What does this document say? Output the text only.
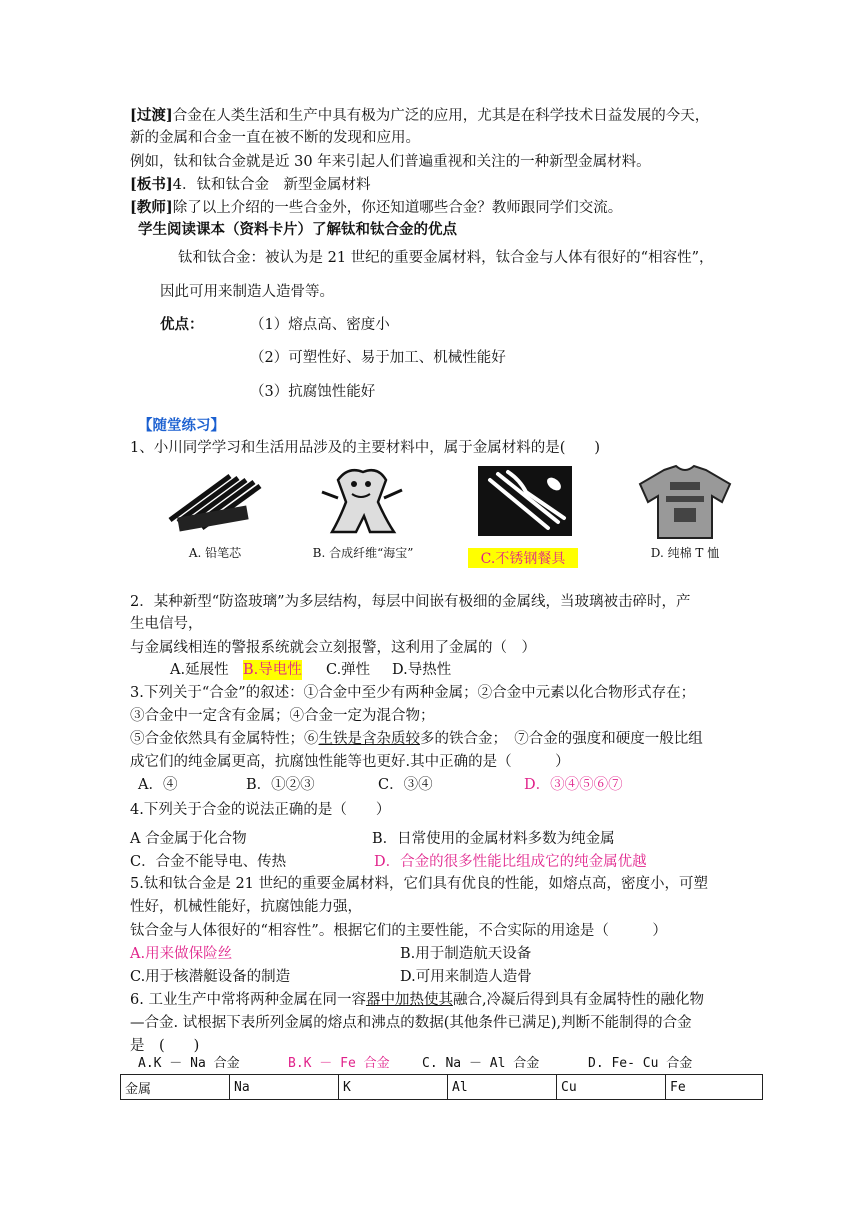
[过渡]合金在人类生活和生产中具有极为广泛的应用，尤其是在科学技术日益发展的今天，
新的金属和合金一直在被不断的发现和应用。
例如，钛和钛合金就是近 30 年来引起人们普遍重视和关注的一种新型金属材料。
[板书]4．钛和钛合金　新型金属材料
[教师]除了以上介绍的一些合金外，你还知道哪些合金？教师跟同学们交流。
学生阅读课本（资料卡片）了解钛和钛合金的优点
钛和钛合金：被认为是 21 世纪的重要金属材料，钛合金与人体有很好的“相容性”，
因此可用来制造人造骨等。
优点：	（1）熔点高、密度小
（2）可塑性好、易于加工、机械性能好
（3）抗腐蚀性能好
【随堂练习】
1、小川同学学习和生活用品涉及的主要材料中，属于金属材料的是(　　)
A. 铅笔芯	B. 合成纤维“海宝”	C.不锈钢餐具	D. 纯棉 T 恤
2．某种新型“防盗玻璃”为多层结构，每层中间嵌有极细的金属线，当玻璃被击碎时，产
生电信号，
与金属线相连的警报系统就会立刻报警，这利用了金属的（　）
A.延展性 B.导电性 C.弹性 D.导热性
3.下列关于“合金”的叙述：①合金中至少有两种金属；②合金中元素以化合物形式存在；
③合金中一定含有金属；④合金一定为混合物；
⑤合金依然具有金属特性；⑥生铁是含杂质较多的铁合金；　⑦合金的强度和硬度一般比组
成它们的纯金属更高，抗腐蚀性能等也更好.其中正确的是（　　　）
A．④	B．①②③	C．③④	D．③④⑤⑥⑦
4.下列关于合金的说法正确的是（　　）
A 合金属于化合物	B．日常使用的金属材料多数为纯金属
C．合金不能导电、传热	D．合金的很多性能比组成它的纯金属优越
5.钛和钛合金是 21 世纪的重要金属材料，它们具有优良的性能，如熔点高，密度小，可塑
性好，机械性能好，抗腐蚀能力强，
钛合金与人体很好的“相容性”。根据它们的主要性能，不合实际的用途是（　　　）
A.用来做保险丝	B.用于制造航天设备
C.用于核潜艇设备的制造	D.可用来制造人造骨
6. 工业生产中常将两种金属在同一容器中加热使其融合,冷凝后得到具有金属特性的融化物
—合金. 试根据下表所列金属的熔点和沸点的数据(其他条件已满足),判断不能制得的合金
是　(　　)
A.K － Na 合金	B.K － Fe 合金 C. Na － Al 合金	D. Fe- Cu 合金
金属	Na	K	Al	Cu	Fe
